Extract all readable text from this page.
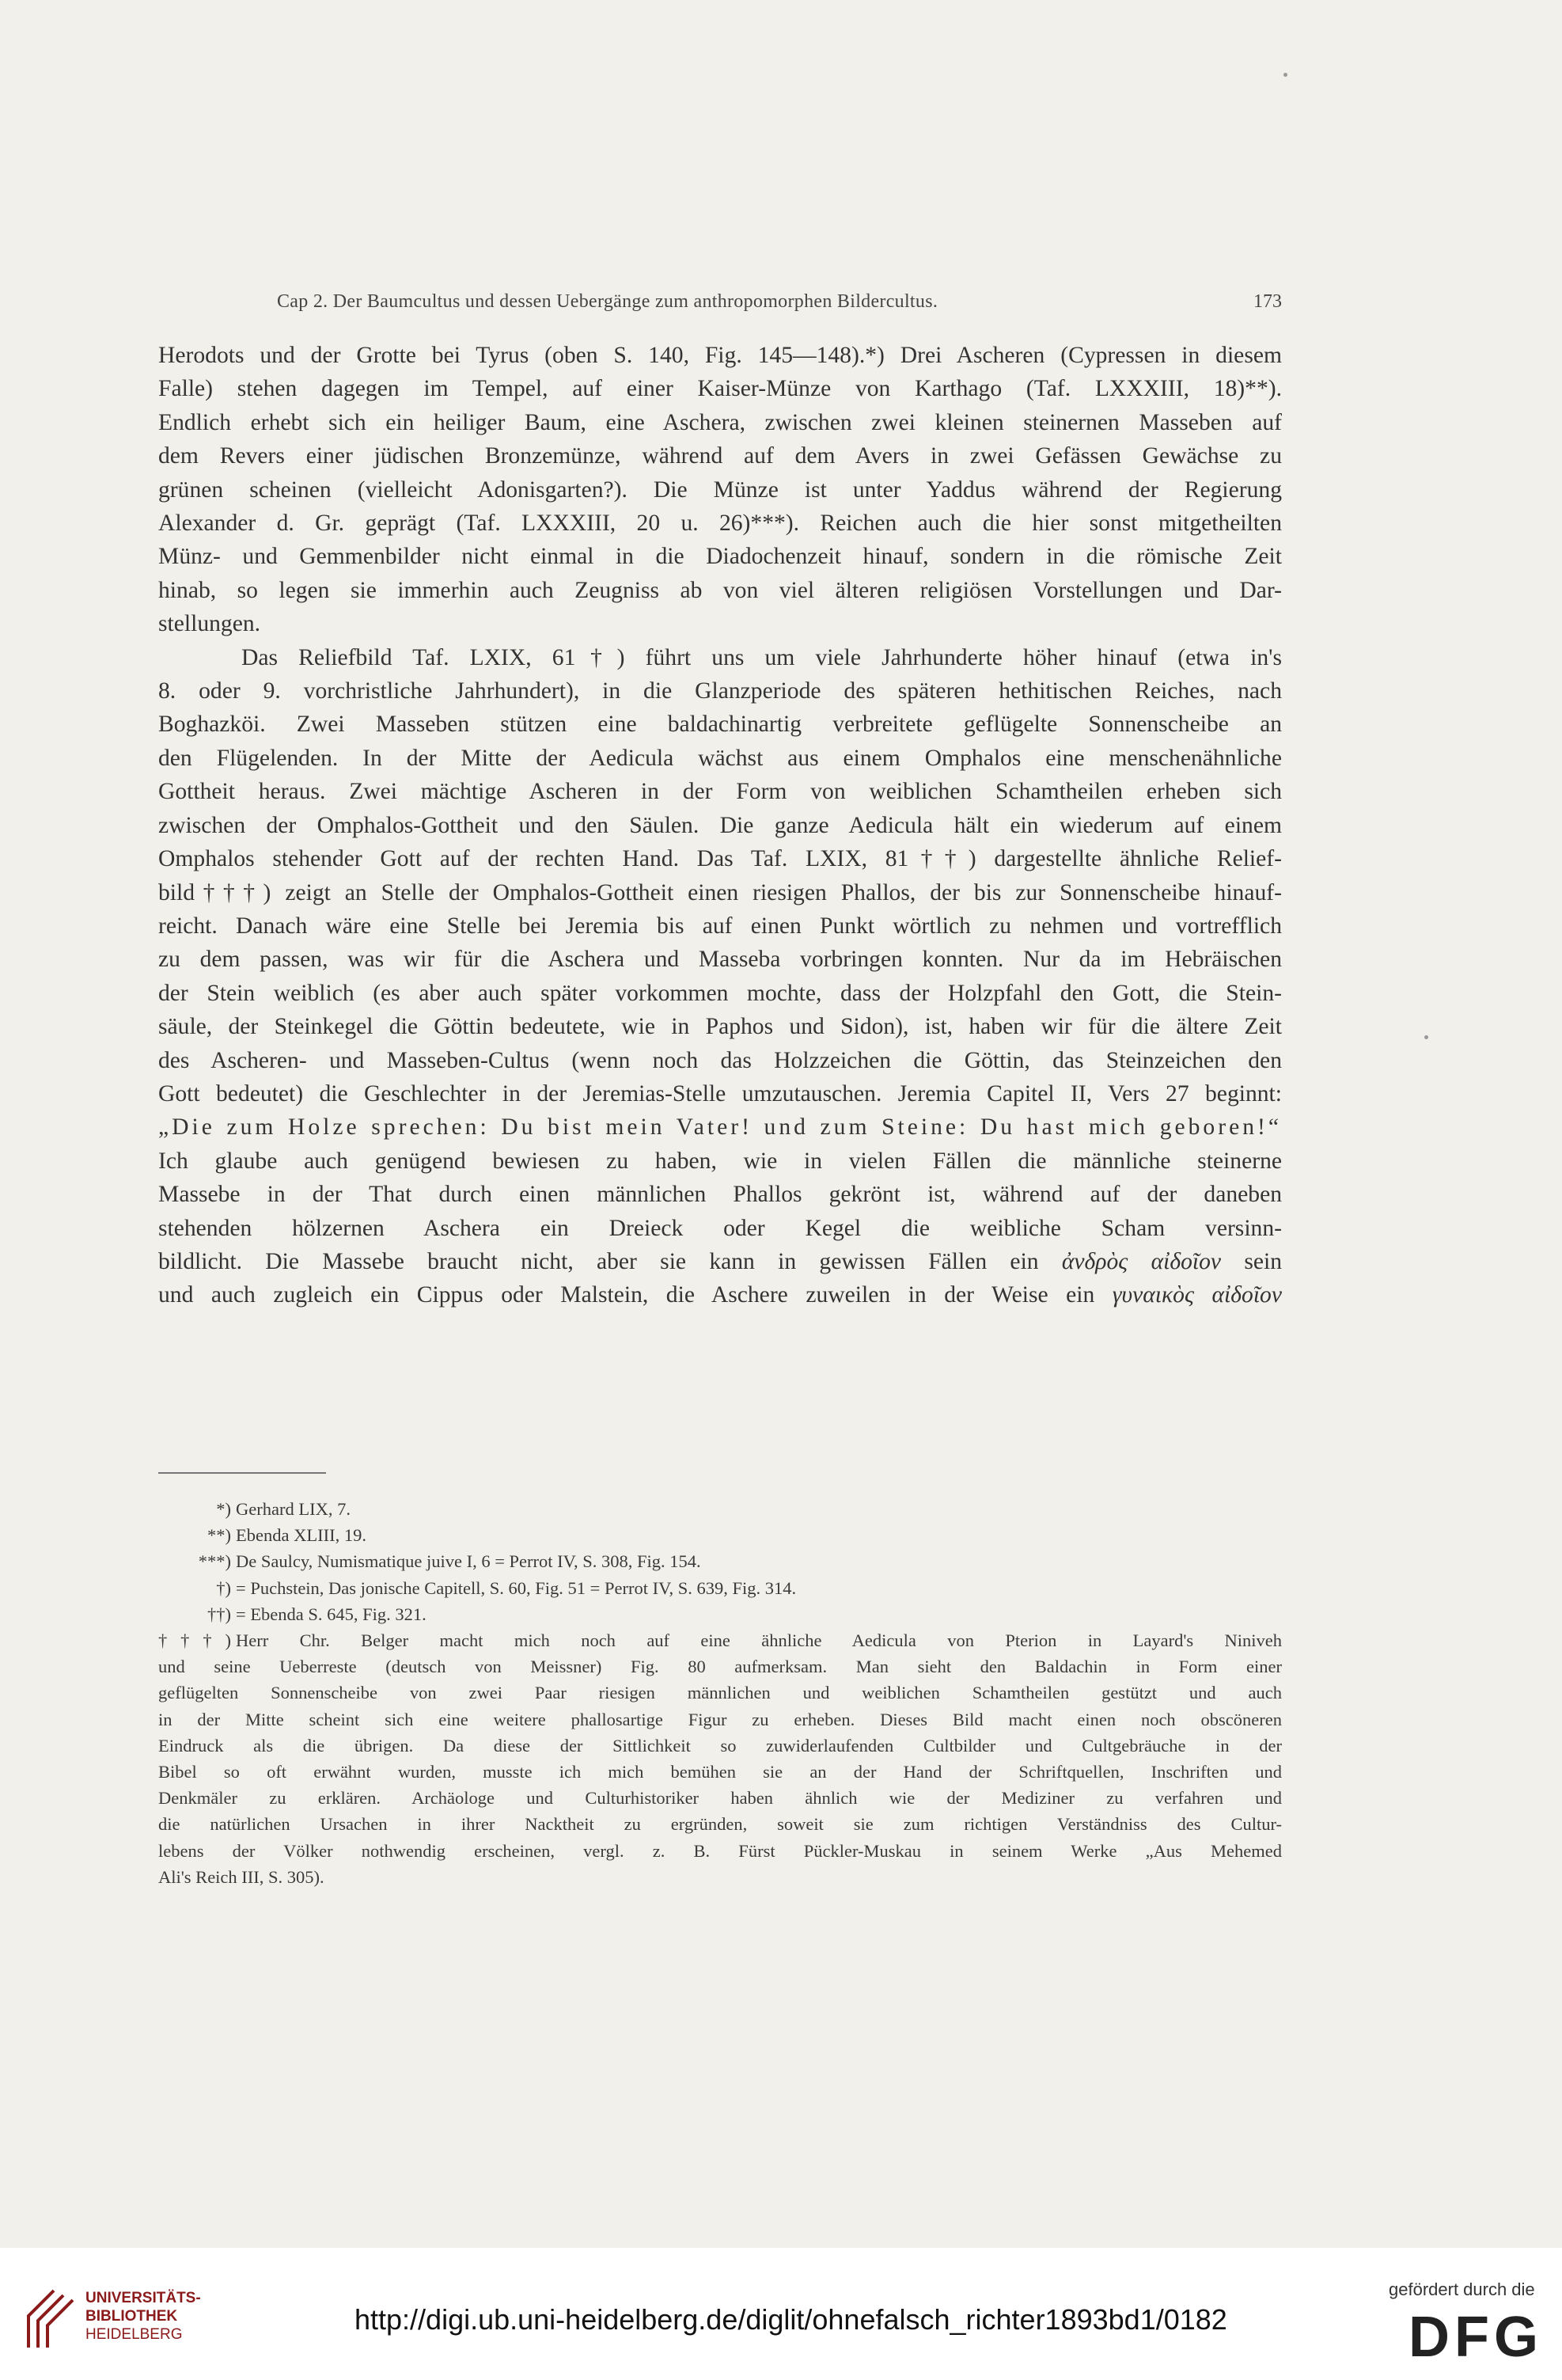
Cap 2. Der Baumcultus und dessen Uebergänge zum anthropomorphen Bildercultus.	173

Herodots und der Grotte bei Tyrus (oben S. 140, Fig. 145—148).*) Drei Ascheren (Cypressen in diesem
Falle) stehen dagegen im Tempel, auf einer Kaiser-Münze von Karthago (Taf. LXXXIII, 18)**).
Endlich erhebt sich ein heiliger Baum, eine Aschera, zwischen zwei kleinen steinernen Masseben auf
dem Revers einer jüdischen Bronzemünze, während auf dem Avers in zwei Gefässen Gewächse zu
grünen scheinen (vielleicht Adonisgarten?). Die Münze ist unter Yaddus während der Regierung
Alexander d. Gr. geprägt (Taf. LXXXIII, 20 u. 26)***). Reichen auch die hier sonst mitgetheilten
Münz- und Gemmenbilder nicht einmal in die Diadochenzeit hinauf, sondern in die römische Zeit
hinab, so legen sie immerhin auch Zeugniss ab von viel älteren religiösen Vorstellungen und Dar-
stellungen.

Das Reliefbild Taf. LXIX, 61†) führt uns um viele Jahrhunderte höher hinauf (etwa in's
8. oder 9. vorchristliche Jahrhundert), in die Glanzperiode des späteren hethitischen Reiches, nach
Boghazköi. Zwei Masseben stützen eine baldachinartig verbreitete geflügelte Sonnenscheibe an
den Flügelenden. In der Mitte der Aedicula wächst aus einem Omphalos eine menschenähnliche
Gottheit heraus. Zwei mächtige Ascheren in der Form von weiblichen Schamtheilen erheben sich
zwischen der Omphalos-Gottheit und den Säulen. Die ganze Aedicula hält ein wiederum auf einem
Omphalos stehender Gott auf der rechten Hand. Das Taf. LXIX, 81††) dargestellte ähnliche Relief-
bild†††) zeigt an Stelle der Omphalos-Gottheit einen riesigen Phallos, der bis zur Sonnenscheibe hinauf-
reicht. Danach wäre eine Stelle bei Jeremia bis auf einen Punkt wörtlich zu nehmen und vortrefflich
zu dem passen, was wir für die Aschera und Masseba vorbringen konnten. Nur da im Hebräischen
der Stein weiblich (es aber auch später vorkommen mochte, dass der Holzpfahl den Gott, die Stein-
säule, der Steinkegel die Göttin bedeutete, wie in Paphos und Sidon), ist, haben wir für die ältere Zeit
des Ascheren- und Masseben-Cultus (wenn noch das Holzzeichen die Göttin, das Steinzeichen den
Gott bedeutet) die Geschlechter in der Jeremias-Stelle umzutauschen. Jeremia Capitel II, Vers 27 beginnt:
„Die zum Holze sprechen: Du bist mein Vater! und zum Steine: Du hast mich geboren!“
Ich glaube auch genügend bewiesen zu haben, wie in vielen Fällen die männliche steinerne
Massebe in der That durch einen männlichen Phallos gekrönt ist, während auf der daneben
stehenden hölzernen Aschera ein Dreieck oder Kegel die weibliche Scham versinn-
bildlicht. Die Massebe braucht nicht, aber sie kann in gewissen Fällen ein ἀνδρὸς αἰδοῖον sein
und auch zugleich ein Cippus oder Malstein, die Aschere zuweilen in der Weise ein γυναικὸς αἰδοῖον

*) Gerhard LIX, 7.
**) Ebenda XLIII, 19.
***) De Saulcy, Numismatique juive I, 6 = Perrot IV, S. 308, Fig. 154.
†) = Puchstein, Das jonische Capitell, S. 60, Fig. 51 = Perrot IV, S. 639, Fig. 314.
††) = Ebenda S. 645, Fig. 321.
†††) Herr Chr. Belger macht mich noch auf eine ähnliche Aedicula von Pterion in Layard's Niniveh
und seine Ueberreste (deutsch von Meissner) Fig. 80 aufmerksam. Man sieht den Baldachin in Form einer
geflügelten Sonnenscheibe von zwei Paar riesigen männlichen und weiblichen Schamtheilen gestützt und auch
in der Mitte scheint sich eine weitere phallosartige Figur zu erheben. Dieses Bild macht einen noch obscöneren
Eindruck als die übrigen. Da diese der Sittlichkeit so zuwiderlaufenden Cultbilder und Cultgebräuche in der
Bibel so oft erwähnt wurden, musste ich mich bemühen sie an der Hand der Schriftquellen, Inschriften und
Denkmäler zu erklären. Archäologe und Culturhistoriker haben ähnlich wie der Mediziner zu verfahren und
die natürlichen Ursachen in ihrer Nacktheit zu ergründen, soweit sie zum richtigen Verständniss des Cultur-
lebens der Völker nothwendig erscheinen, vergl. z. B. Fürst Pückler-Muskau in seinem Werke „Aus Mehemed
Ali's Reich III, S. 305).
UNIVERSITÄTS-
BIBLIOTHEK
HEIDELBERG	http://digi.ub.uni-heidelberg.de/diglit/ohnefalsch_richter1893bd1/0182
gefördert durch die
DFG
